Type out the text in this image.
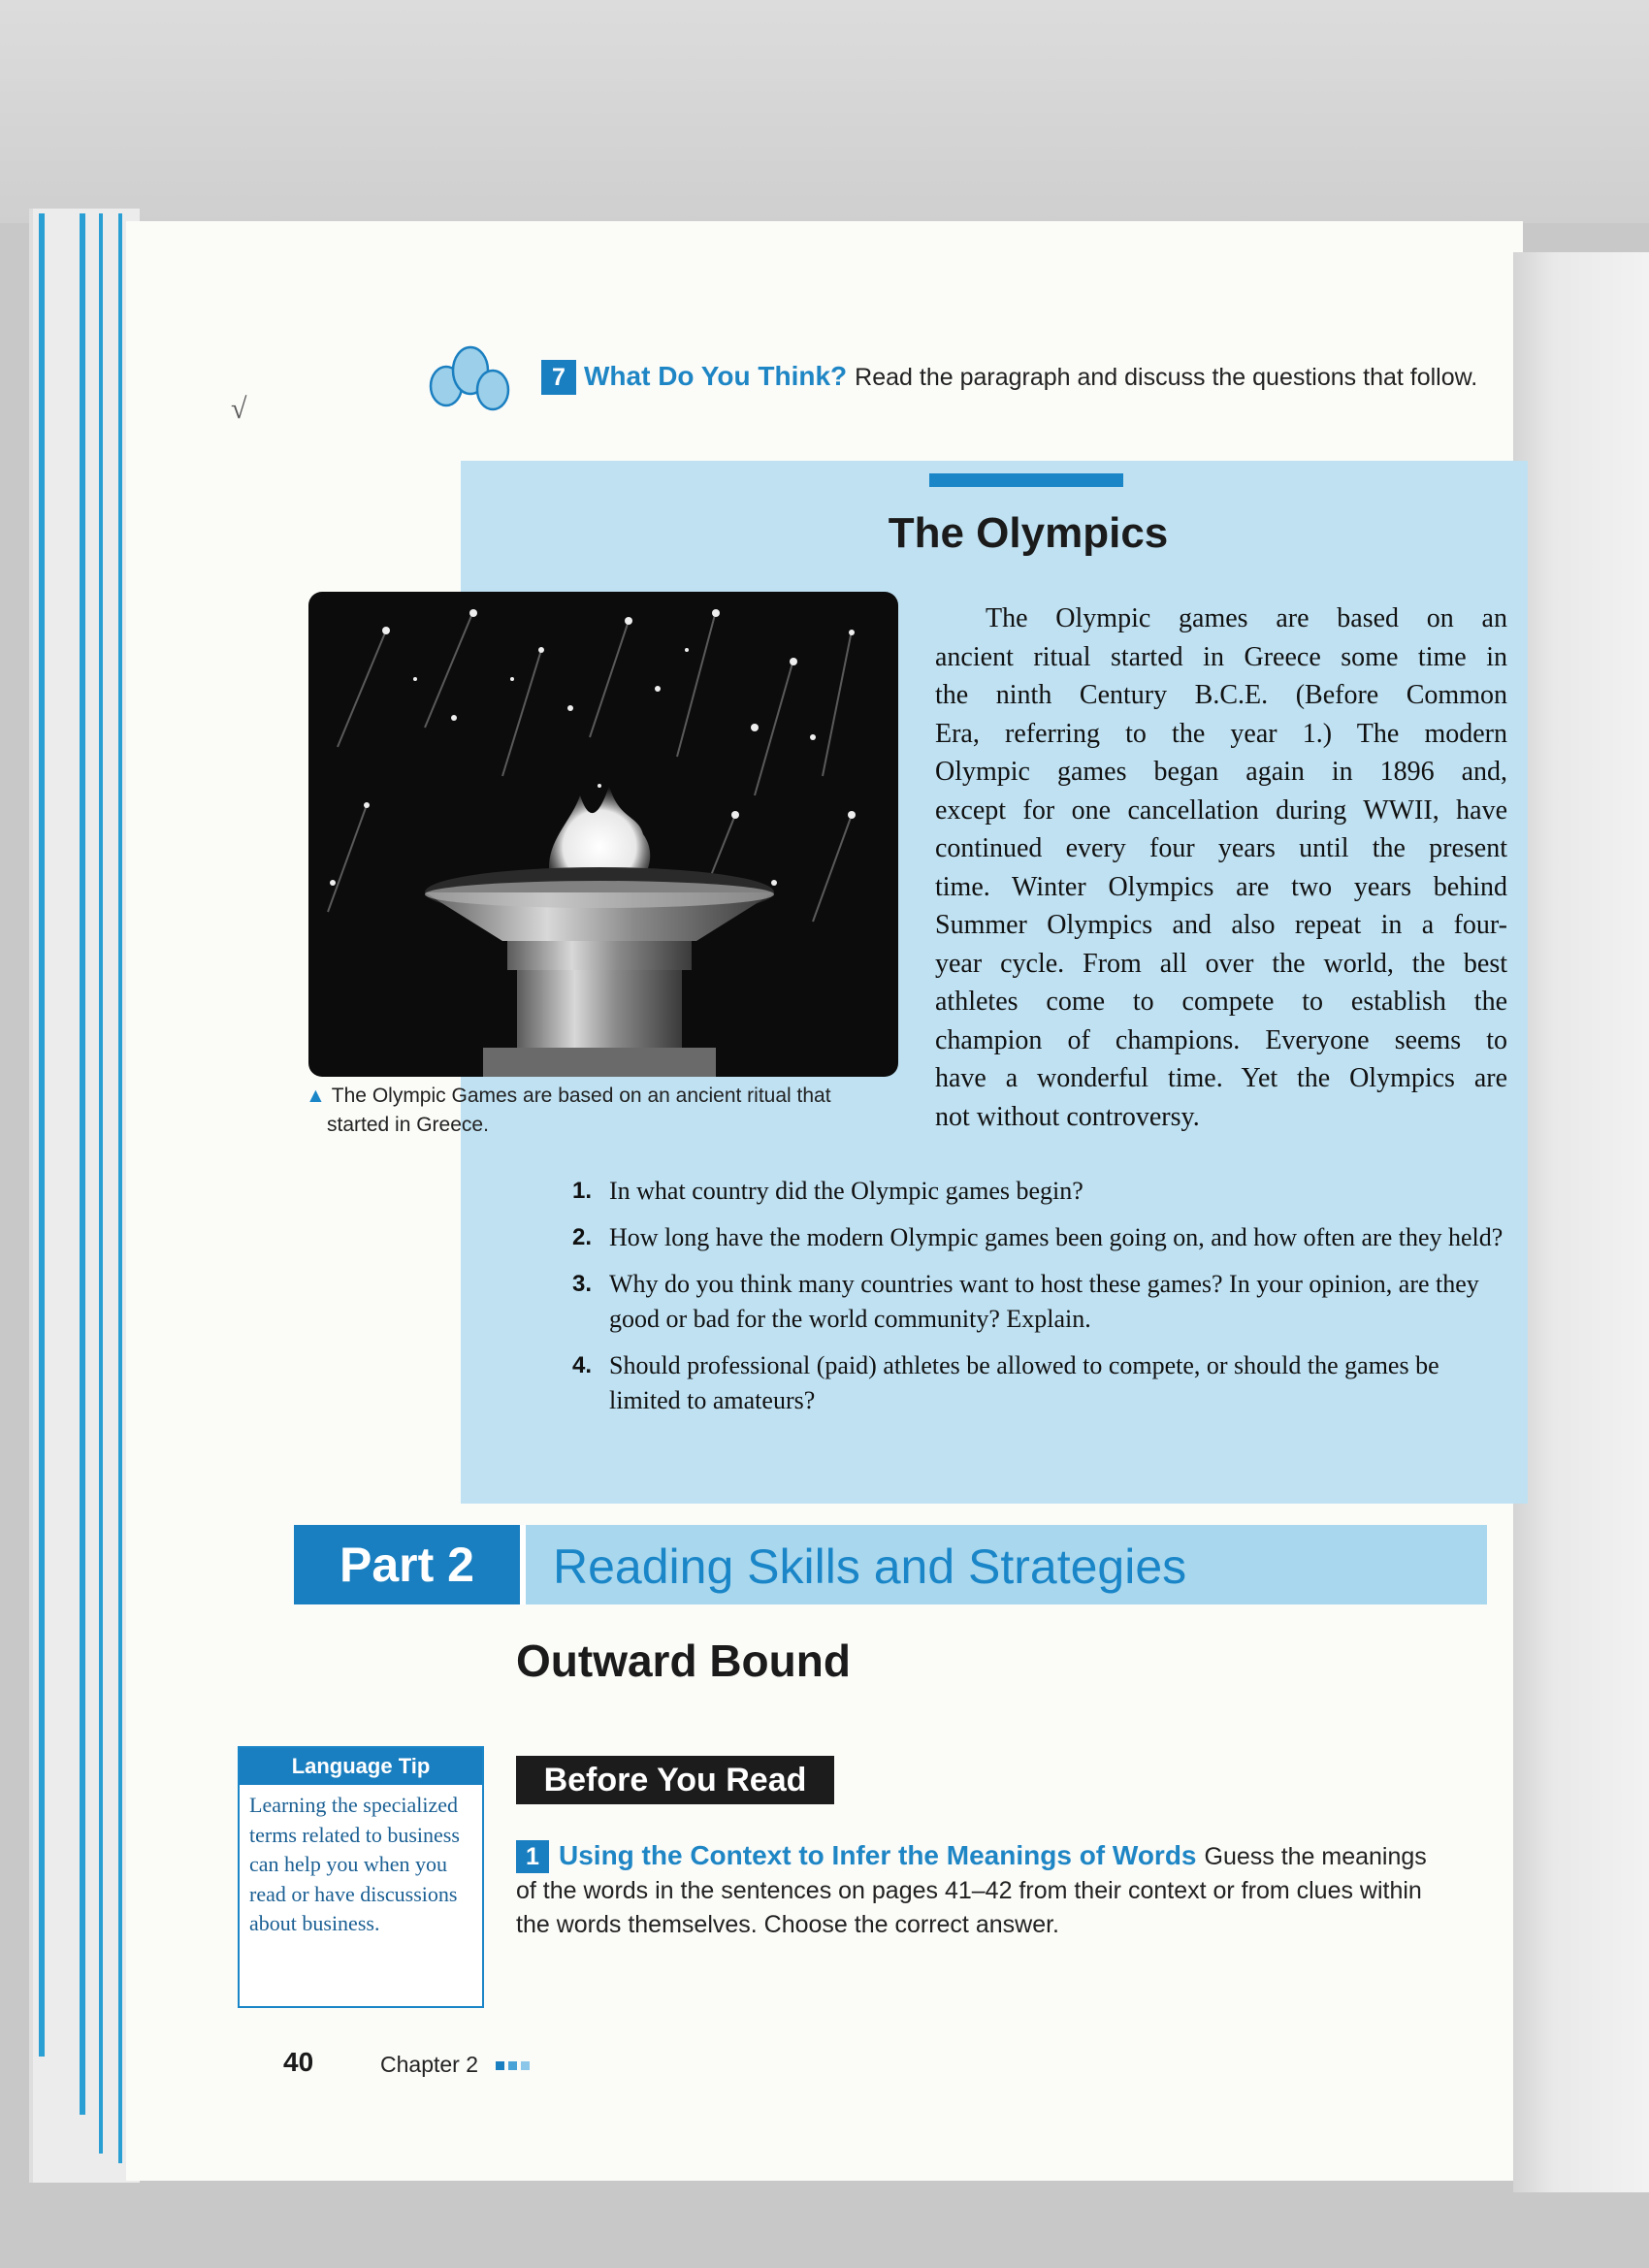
√
7 What Do You Think? Read the paragraph and discuss the questions that follow.
The Olympics
▲ The Olympic Games are based on an ancient ritual that
started in Greece.
The Olympic games are based on an
ancient ritual started in Greece some time in
the ninth Century B.C.E. (Before Common
Era, referring to the year 1.) The modern
Olympic games began again in 1896 and,
except for one cancellation during WWII, have
continued every four years until the present
time. Winter Olympics are two years behind
Summer Olympics and also repeat in a four-
year cycle. From all over the world, the best
athletes come to compete to establish the
champion of champions. Everyone seems to
have a wonderful time. Yet the Olympics are
not without controversy.
1. In what country did the Olympic games begin?
2. How long have the modern Olympic games been going on, and how often are they held?
3. Why do you think many countries want to host these games? In your opinion, are they good or bad for the world community? Explain.
4. Should professional (paid) athletes be allowed to compete, or should the games be limited to amateurs?
Part 2	Reading Skills and Strategies
Outward Bound
Language Tip
Learning the specialized terms related to business can help you when you read or have discussions about business.
Before You Read
1 Using the Context to Infer the Meanings of Words Guess the meanings of the words in the sentences on pages 41–42 from their context or from clues within the words themselves. Choose the correct answer.
40	Chapter 2
